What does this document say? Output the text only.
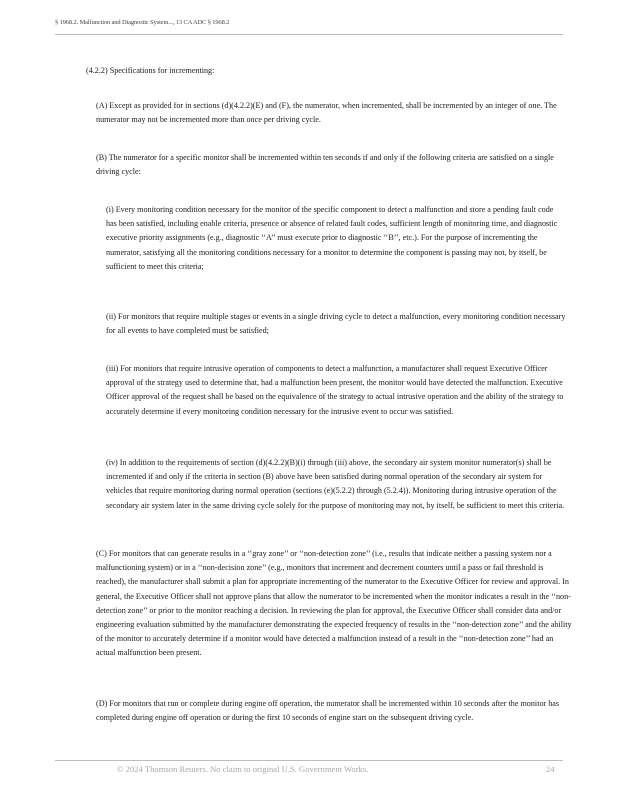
§ 1968.2. Malfunction and Diagnostic System..., 13 CA ADC § 1968.2
(4.2.2) Specifications for incrementing:
(A) Except as provided for in sections (d)(4.2.2)(E) and (F), the numerator, when incremented, shall be incremented by an integer of one. The numerator may not be incremented more than once per driving cycle.
(B) The numerator for a specific monitor shall be incremented within ten seconds if and only if the following criteria are satisfied on a single driving cycle:
(i) Every monitoring condition necessary for the monitor of the specific component to detect a malfunction and store a pending fault code has been satisfied, including enable criteria, presence or absence of related fault codes, sufficient length of monitoring time, and diagnostic executive priority assignments (e.g., diagnostic ‘‘A’’ must execute prior to diagnostic ‘‘B’’, etc.). For the purpose of incrementing the numerator, satisfying all the monitoring conditions necessary for a monitor to determine the component is passing may not, by itself, be sufficient to meet this criteria;
(ii) For monitors that require multiple stages or events in a single driving cycle to detect a malfunction, every monitoring condition necessary for all events to have completed must be satisfied;
(iii) For monitors that require intrusive operation of components to detect a malfunction, a manufacturer shall request Executive Officer approval of the strategy used to determine that, had a malfunction been present, the monitor would have detected the malfunction. Executive Officer approval of the request shall be based on the equivalence of the strategy to actual intrusive operation and the ability of the strategy to accurately determine if every monitoring condition necessary for the intrusive event to occur was satisfied.
(iv) In addition to the requirements of section (d)(4.2.2)(B)(i) through (iii) above, the secondary air system monitor numerator(s) shall be incremented if and only if the criteria in section (B) above have been satisfied during normal operation of the secondary air system for vehicles that require monitoring during normal operation (sections (e)(5.2.2) through (5.2.4)). Monitoring during intrusive operation of the secondary air system later in the same driving cycle solely for the purpose of monitoring may not, by itself, be sufficient to meet this criteria.
(C) For monitors that can generate results in a ‘‘gray zone’’ or ‘‘non-detection zone’’ (i.e., results that indicate neither a passing system nor a malfunctioning system) or in a ‘‘non-decision zone’’ (e.g., monitors that increment and decrement counters until a pass or fail threshold is reached), the manufacturer shall submit a plan for appropriate incrementing of the numerator to the Executive Officer for review and approval. In general, the Executive Officer shall not approve plans that allow the numerator to be incremented when the monitor indicates a result in the ‘‘non-detection zone’’ or prior to the monitor reaching a decision. In reviewing the plan for approval, the Executive Officer shall consider data and/or engineering evaluation submitted by the manufacturer demonstrating the expected frequency of results in the ‘‘non-detection zone’’ and the ability of the monitor to accurately determine if a monitor would have detected a malfunction instead of a result in the ‘‘non-detection zone’’ had an actual malfunction been present.
(D) For monitors that run or complete during engine off operation, the numerator shall be incremented within 10 seconds after the monitor has completed during engine off operation or during the first 10 seconds of engine start on the subsequent driving cycle.
© 2024 Thomson Reuters. No claim to original U.S. Government Works.	24
